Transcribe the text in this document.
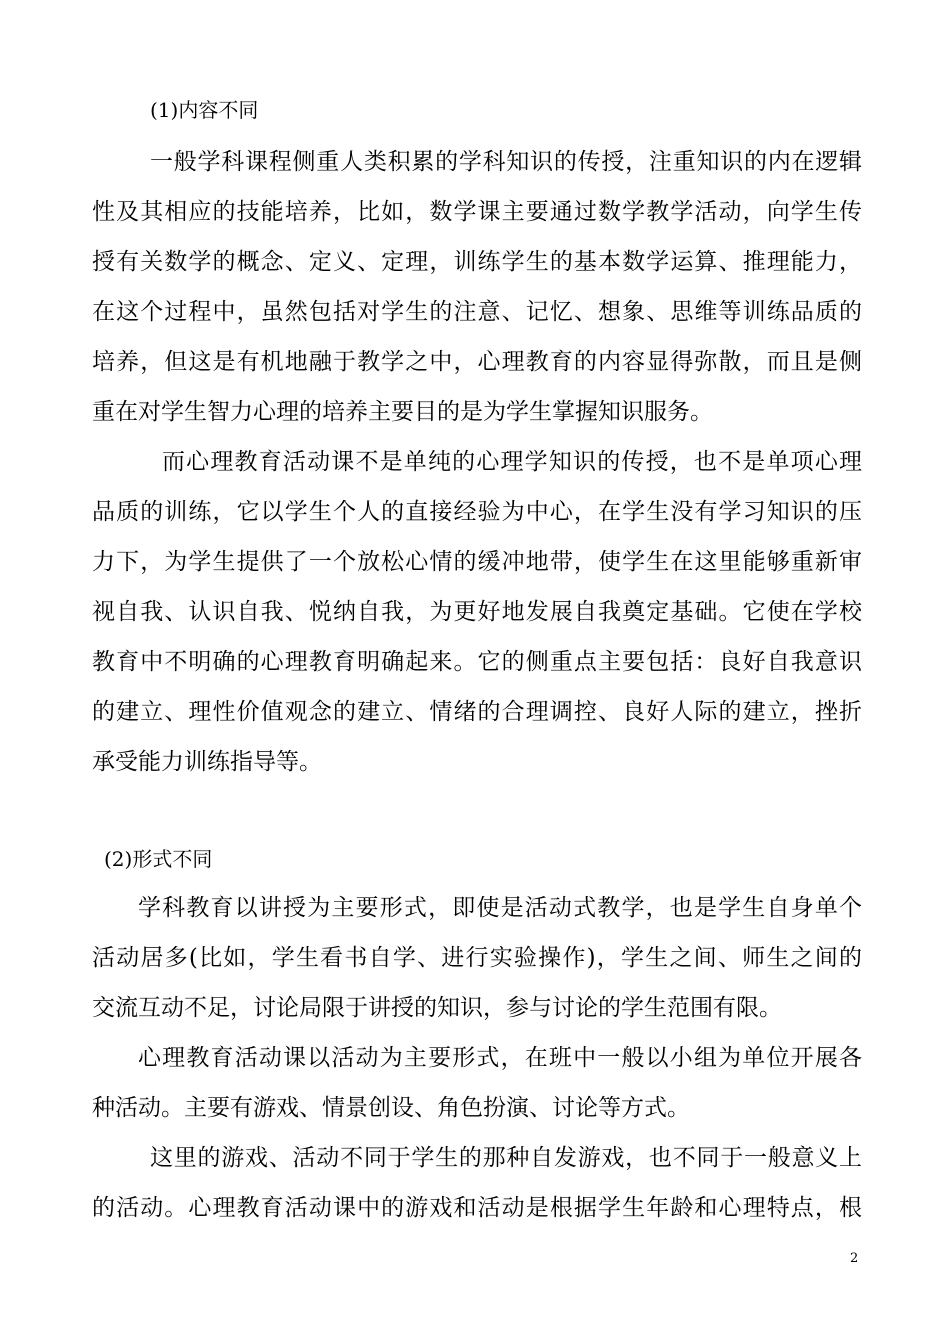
(1)内容不同
一般学科课程侧重人类积累的学科知识的传授，注重知识的内在逻辑
性及其相应的技能培养，比如，数学课主要通过数学教学活动，向学生传
授有关数学的概念、定义、定理，训练学生的基本数学运算、推理能力，
在这个过程中，虽然包括对学生的注意、记忆、想象、思维等训练品质的
培养，但这是有机地融于教学之中，心理教育的内容显得弥散，而且是侧
重在对学生智力心理的培养主要目的是为学生掌握知识服务。
而心理教育活动课不是单纯的心理学知识的传授，也不是单项心理
品质的训练，它以学生个人的直接经验为中心，在学生没有学习知识的压
力下，为学生提供了一个放松心情的缓冲地带，使学生在这里能够重新审
视自我、认识自我、悦纳自我，为更好地发展自我奠定基础。它使在学校
教育中不明确的心理教育明确起来。它的侧重点主要包括：良好自我意识
的建立、理性价值观念的建立、情绪的合理调控、良好人际的建立，挫折
承受能力训练指导等。
(2)形式不同
学科教育以讲授为主要形式，即使是活动式教学，也是学生自身单个
活动居多(比如，学生看书自学、进行实验操作)，学生之间、师生之间的
交流互动不足，讨论局限于讲授的知识，参与讨论的学生范围有限。
心理教育活动课以活动为主要形式，在班中一般以小组为单位开展各
种活动。主要有游戏、情景创设、角色扮演、讨论等方式。
这里的游戏、活动不同于学生的那种自发游戏，也不同于一般意义上
的活动。心理教育活动课中的游戏和活动是根据学生年龄和心理特点，根
2
